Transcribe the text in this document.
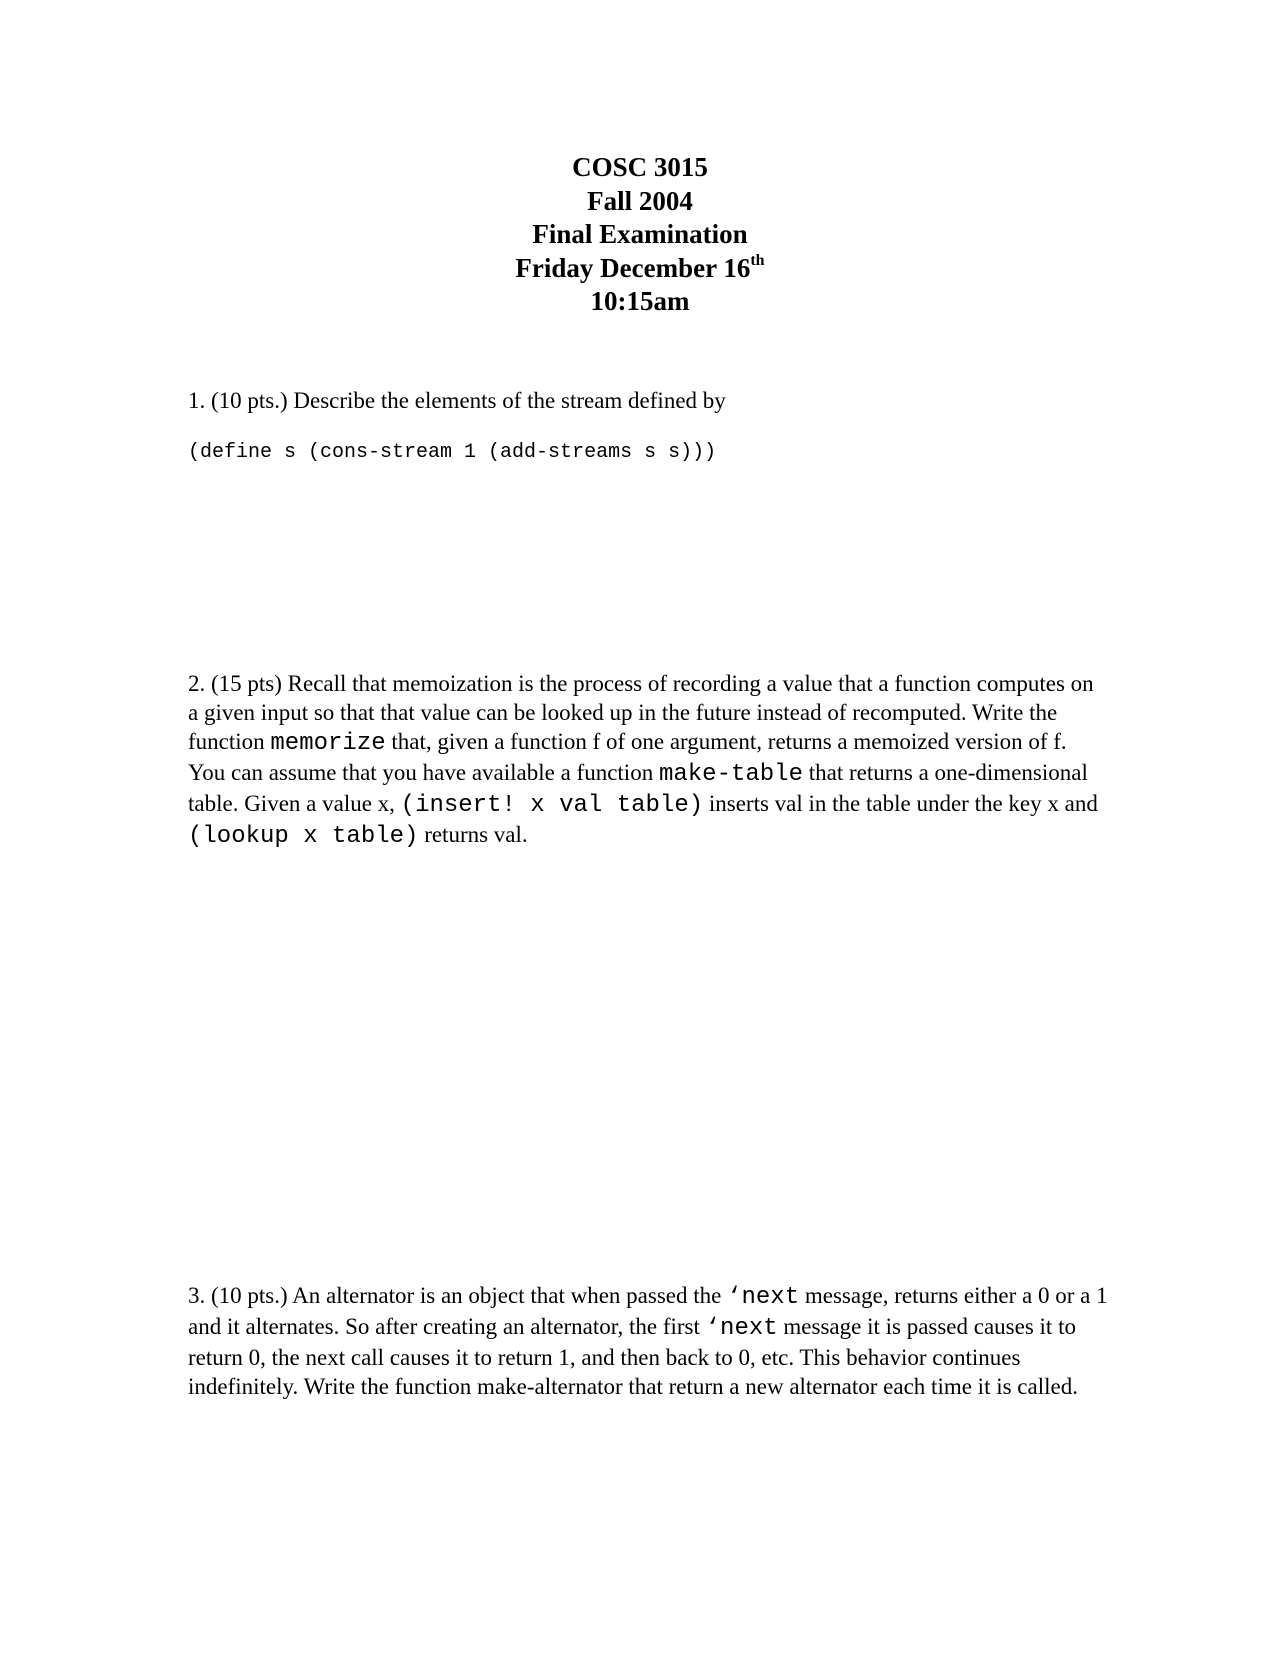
COSC 3015
Fall 2004
Final Examination
Friday December 16th
10:15am
1. (10 pts.) Describe the elements of the stream defined by
(define s (cons-stream 1 (add-streams s s)))
2. (15 pts) Recall that memoization is the process of recording a value that a function computes on a given input so that that value can be looked up in the future instead of recomputed. Write the function memorize that, given a function f of one argument, returns a memoized version of f. You can assume that you have available a function make-table that returns a one-dimensional table. Given a value x, (insert! x val table) inserts val in the table under the key x and (lookup x table) returns val.
3. (10 pts.) An alternator is an object that when passed the ‘next message, returns either a 0 or a 1 and it alternates. So after creating an alternator, the first ‘next message it is passed causes it to return 0, the next call causes it to return 1, and then back to 0, etc. This behavior continues indefinitely. Write the function make-alternator that return a new alternator each time it is called.
